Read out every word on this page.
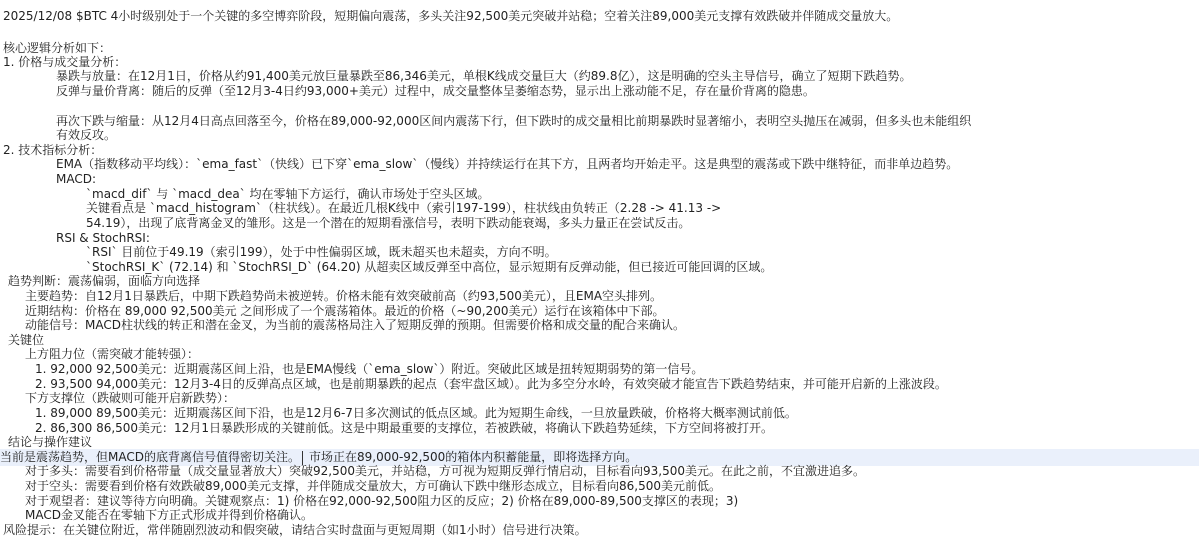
2025/12/08 $BTC 4小时级别处于一个关键的多空博弈阶段，短期偏向震荡，多头关注92,500美元突破并站稳；空着关注89,000美元支撑有效跌破并伴随成交量放大。
核心逻辑分析如下：
1. 价格与成交量分析：
暴跌与放量：在12月1日，价格从约91,400美元放巨量暴跌至86,346美元，单根K线成交量巨大（约89.8亿），这是明确的空头主导信号，确立了短期下跌趋势。
反弹与量价背离：随后的反弹（至12月3-4日约93,000+美元）过程中，成交量整体呈萎缩态势，显示出上涨动能不足，存在量价背离的隐患。
再次下跌与缩量：从12月4日高点回落至今，价格在89,000-92,000区间内震荡下行，但下跌时的成交量相比前期暴跌时显著缩小，表明空头抛压在减弱，但多头也未能组织
有效反攻。
2. 技术指标分析：
EMA（指数移动平均线）：`ema_fast`（快线）已下穿`ema_slow`（慢线）并持续运行在其下方，且两者均开始走平。这是典型的震荡或下跌中继特征，而非单边趋势。
MACD:
`macd_dif` 与 `macd_dea` 均在零轴下方运行，确认市场处于空头区域。
关键看点是 `macd_histogram`（柱状线）。在最近几根K线中（索引197-199），柱状线由负转正（2.28 -> 41.13 ->
54.19），出现了底背离金叉的雏形。这是一个潜在的短期看涨信号，表明下跌动能衰竭，多头力量正在尝试反击。
RSI & StochRSI:
`RSI` 目前位于49.19（索引199），处于中性偏弱区域，既未超买也未超卖，方向不明。
`StochRSI_K` (72.14) 和 `StochRSI_D` (64.20) 从超卖区域反弹至中高位，显示短期有反弹动能，但已接近可能回调的区域。
趋势判断：震荡偏弱，面临方向选择
主要趋势：自12月1日暴跌后，中期下跌趋势尚未被逆转。价格未能有效突破前高（约93,500美元），且EMA空头排列。
近期结构：价格在 89,000 92,500美元 之间形成了一个震荡箱体。最近的价格（~90,200美元）运行在该箱体中下部。
动能信号：MACD柱状线的转正和潜在金叉，为当前的震荡格局注入了短期反弹的预期。但需要价格和成交量的配合来确认。
关键位
上方阻力位（需突破才能转强）：
1. 92,000 92,500美元：近期震荡区间上沿，也是EMA慢线（`ema_slow`）附近。突破此区域是扭转短期弱势的第一信号。
2. 93,500 94,000美元：12月3-4日的反弹高点区域，也是前期暴跌的起点（套牢盘区域）。此为多空分水岭，有效突破才能宣告下跌趋势结束，并可能开启新的上涨波段。
下方支撑位（跌破则可能开启新跌势）：
1. 89,000 89,500美元：近期震荡区间下沿，也是12月6-7日多次测试的低点区域。此为短期生命线，一旦放量跌破，价格将大概率测试前低。
2. 86,300 86,500美元：12月1日暴跌形成的关键前低。这是中期最重要的支撑位，若被跌破，将确认下跌趋势延续，下方空间将被打开。
结论与操作建议
当前是震荡趋势，但MACD的底背离信号值得密切关注。 市场正在89,000-92,500的箱体内积蓄能量，即将选择方向。
对于多头：需要看到价格带量（成交量显著放大）突破92,500美元，并站稳，方可视为短期反弹行情启动，目标看向93,500美元。在此之前，不宜激进追多。
对于空头：需要看到价格有效跌破89,000美元支撑，并伴随成交量放大，方可确认下跌中继形态成立，目标看向86,500美元前低。
对于观望者：建议等待方向明确。关键观察点：1) 价格在92,000-92,500阻力区的反应；2) 价格在89,000-89,500支撑区的表现；3)
MACD金叉能否在零轴下方正式形成并得到价格确认。
风险提示：在关键位附近，常伴随剧烈波动和假突破，请结合实时盘面与更短周期（如1小时）信号进行决策。
